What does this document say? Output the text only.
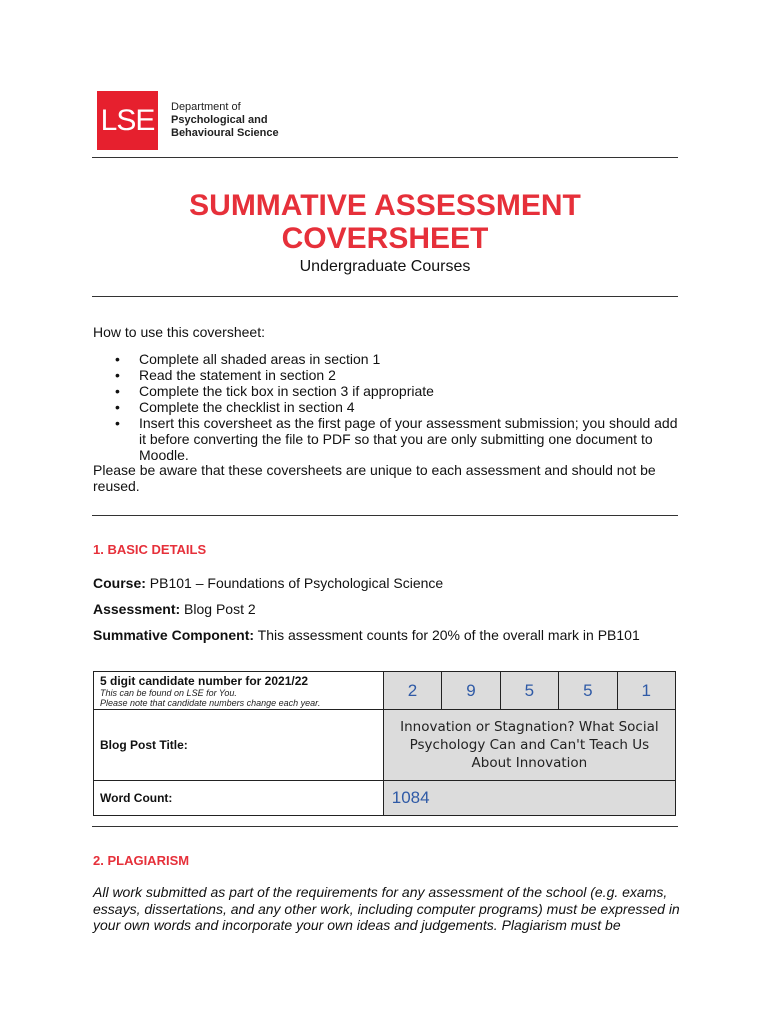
LSE	Department of
Psychological and
Behavioural Science
SUMMATIVE ASSESSMENT
COVERSHEET
Undergraduate Courses
How to use this coversheet:
• Complete all shaded areas in section 1
• Read the statement in section 2
• Complete the tick box in section 3 if appropriate
• Complete the checklist in section 4
• Insert this coversheet as the first page of your assessment submission; you should add it before converting the file to PDF so that you are only submitting one document to Moodle.
Please be aware that these coversheets are unique to each assessment and should not be reused.
1. BASIC DETAILS
Course: PB101 – Foundations of Psychological Science
Assessment: Blog Post 2
Summative Component: This assessment counts for 20% of the overall mark in PB101
5 digit candidate number for 2021/22
This can be found on LSE for You.
Please note that candidate numbers change each year.	2	9	5	5	1
Blog Post Title:	Innovation or Stagnation? What Social Psychology Can and Can't Teach Us About Innovation				
Word Count:	1084				
2. PLAGIARISM
All work submitted as part of the requirements for any assessment of the school (e.g. exams, essays, dissertations, and any other work, including computer programs) must be expressed in your own words and incorporate your own ideas and judgements. Plagiarism must be
